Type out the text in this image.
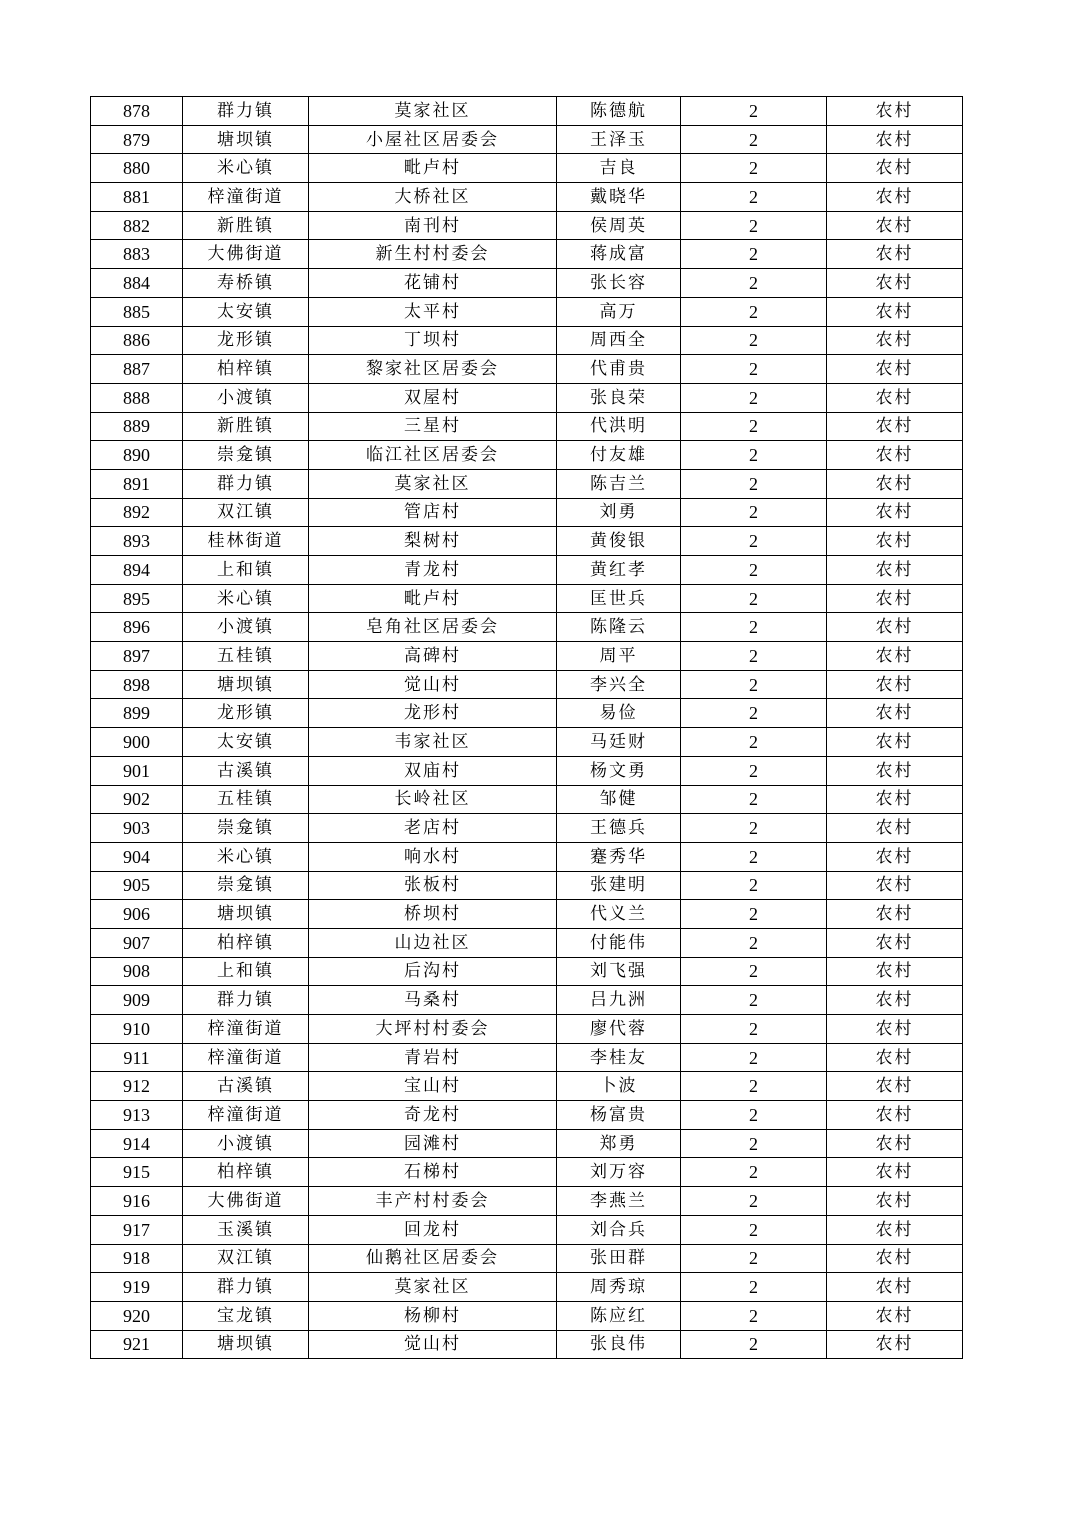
878	群力镇	莫家社区	陈德航	2	农村
879	塘坝镇	小屋社区居委会	王泽玉	2	农村
880	米心镇	毗卢村	吉良	2	农村
881	梓潼街道	大桥社区	戴晓华	2	农村
882	新胜镇	南刊村	侯周英	2	农村
883	大佛街道	新生村村委会	蒋成富	2	农村
884	寿桥镇	花铺村	张长容	2	农村
885	太安镇	太平村	高万	2	农村
886	龙形镇	丁坝村	周西全	2	农村
887	柏梓镇	黎家社区居委会	代甫贵	2	农村
888	小渡镇	双屋村	张良荣	2	农村
889	新胜镇	三星村	代洪明	2	农村
890	崇龛镇	临江社区居委会	付友雄	2	农村
891	群力镇	莫家社区	陈吉兰	2	农村
892	双江镇	管店村	刘勇	2	农村
893	桂林街道	梨树村	黄俊银	2	农村
894	上和镇	青龙村	黄红孝	2	农村
895	米心镇	毗卢村	匡世兵	2	农村
896	小渡镇	皂角社区居委会	陈隆云	2	农村
897	五桂镇	高碑村	周平	2	农村
898	塘坝镇	觉山村	李兴全	2	农村
899	龙形镇	龙形村	易俭	2	农村
900	太安镇	韦家社区	马廷财	2	农村
901	古溪镇	双庙村	杨文勇	2	农村
902	五桂镇	长岭社区	邹健	2	农村
903	崇龛镇	老店村	王德兵	2	农村
904	米心镇	响水村	蹇秀华	2	农村
905	崇龛镇	张板村	张建明	2	农村
906	塘坝镇	桥坝村	代义兰	2	农村
907	柏梓镇	山边社区	付能伟	2	农村
908	上和镇	后沟村	刘飞强	2	农村
909	群力镇	马桑村	吕九洲	2	农村
910	梓潼街道	大坪村村委会	廖代蓉	2	农村
911	梓潼街道	青岩村	李桂友	2	农村
912	古溪镇	宝山村	卜波	2	农村
913	梓潼街道	奇龙村	杨富贵	2	农村
914	小渡镇	园滩村	郑勇	2	农村
915	柏梓镇	石梯村	刘万容	2	农村
916	大佛街道	丰产村村委会	李燕兰	2	农村
917	玉溪镇	回龙村	刘合兵	2	农村
918	双江镇	仙鹅社区居委会	张田群	2	农村
919	群力镇	莫家社区	周秀琼	2	农村
920	宝龙镇	杨柳村	陈应红	2	农村
921	塘坝镇	觉山村	张良伟	2	农村
